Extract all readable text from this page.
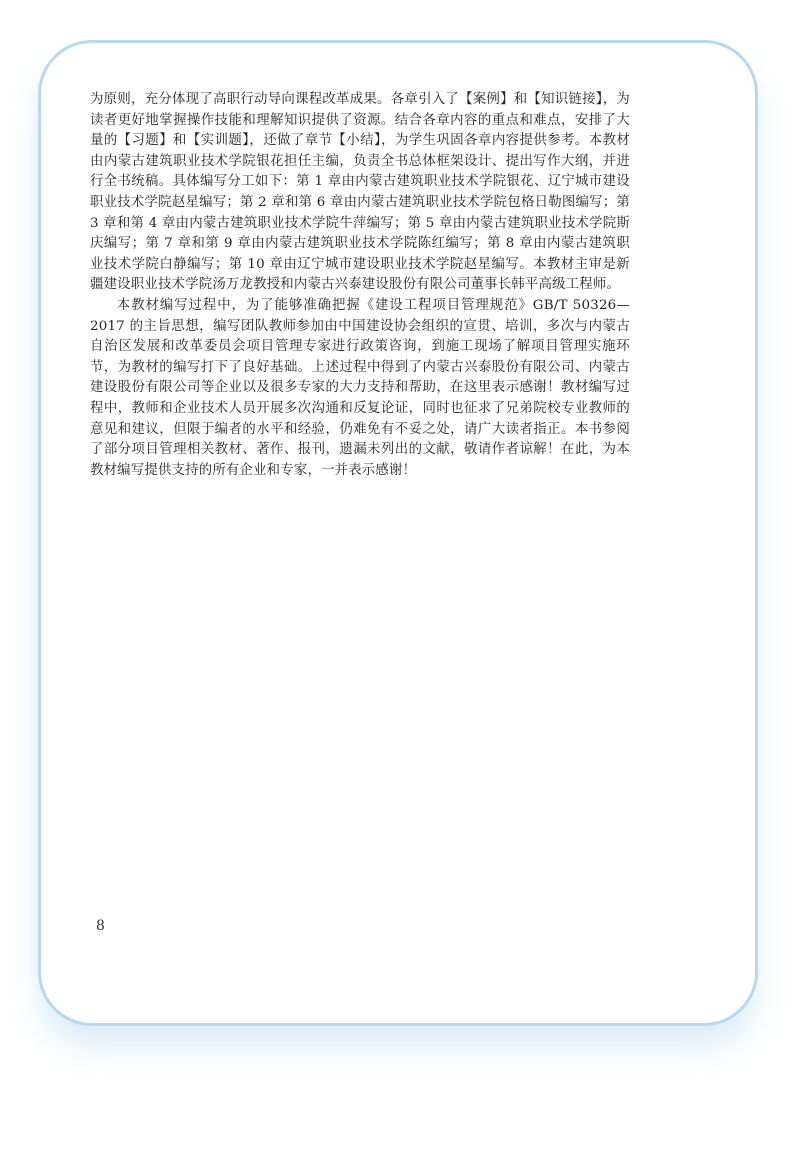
为原则，充分体现了高职行动导向课程改革成果。各章引入了【案例】和【知识链接】，为读者更好地掌握操作技能和理解知识提供了资源。结合各章内容的重点和难点，安排了大量的【习题】和【实训题】，还做了章节【小结】，为学生巩固各章内容提供参考。本教材由内蒙古建筑职业技术学院银花担任主编，负责全书总体框架设计、提出写作大纲，并进行全书统稿。具体编写分工如下：第 1 章由内蒙古建筑职业技术学院银花、辽宁城市建设职业技术学院赵星编写；第 2 章和第 6 章由内蒙古建筑职业技术学院包格日勒图编写；第 3 章和第 4 章由内蒙古建筑职业技术学院牛萍编写；第 5 章由内蒙古建筑职业技术学院斯庆编写；第 7 章和第 9 章由内蒙古建筑职业技术学院陈红编写；第 8 章由内蒙古建筑职业技术学院白静编写；第 10 章由辽宁城市建设职业技术学院赵星编写。本教材主审是新疆建设职业技术学院汤万龙教授和内蒙古兴泰建设股份有限公司董事长韩平高级工程师。

本教材编写过程中，为了能够准确把握《建设工程项目管理规范》GB/T 50326—2017 的主旨思想，编写团队教师参加由中国建设协会组织的宣贯、培训，多次与内蒙古自治区发展和改革委员会项目管理专家进行政策咨询，到施工现场了解项目管理实施环节，为教材的编写打下了良好基础。上述过程中得到了内蒙古兴泰股份有限公司、内蒙古建设股份有限公司等企业以及很多专家的大力支持和帮助，在这里表示感谢！教材编写过程中，教师和企业技术人员开展多次沟通和反复论证，同时也征求了兄弟院校专业教师的意见和建议，但限于编者的水平和经验，仍难免有不妥之处，请广大读者指正。本书参阅了部分项目管理相关教材、著作、报刊，遗漏未列出的文献，敬请作者谅解！在此，为本教材编写提供支持的所有企业和专家，一并表示感谢！

8
